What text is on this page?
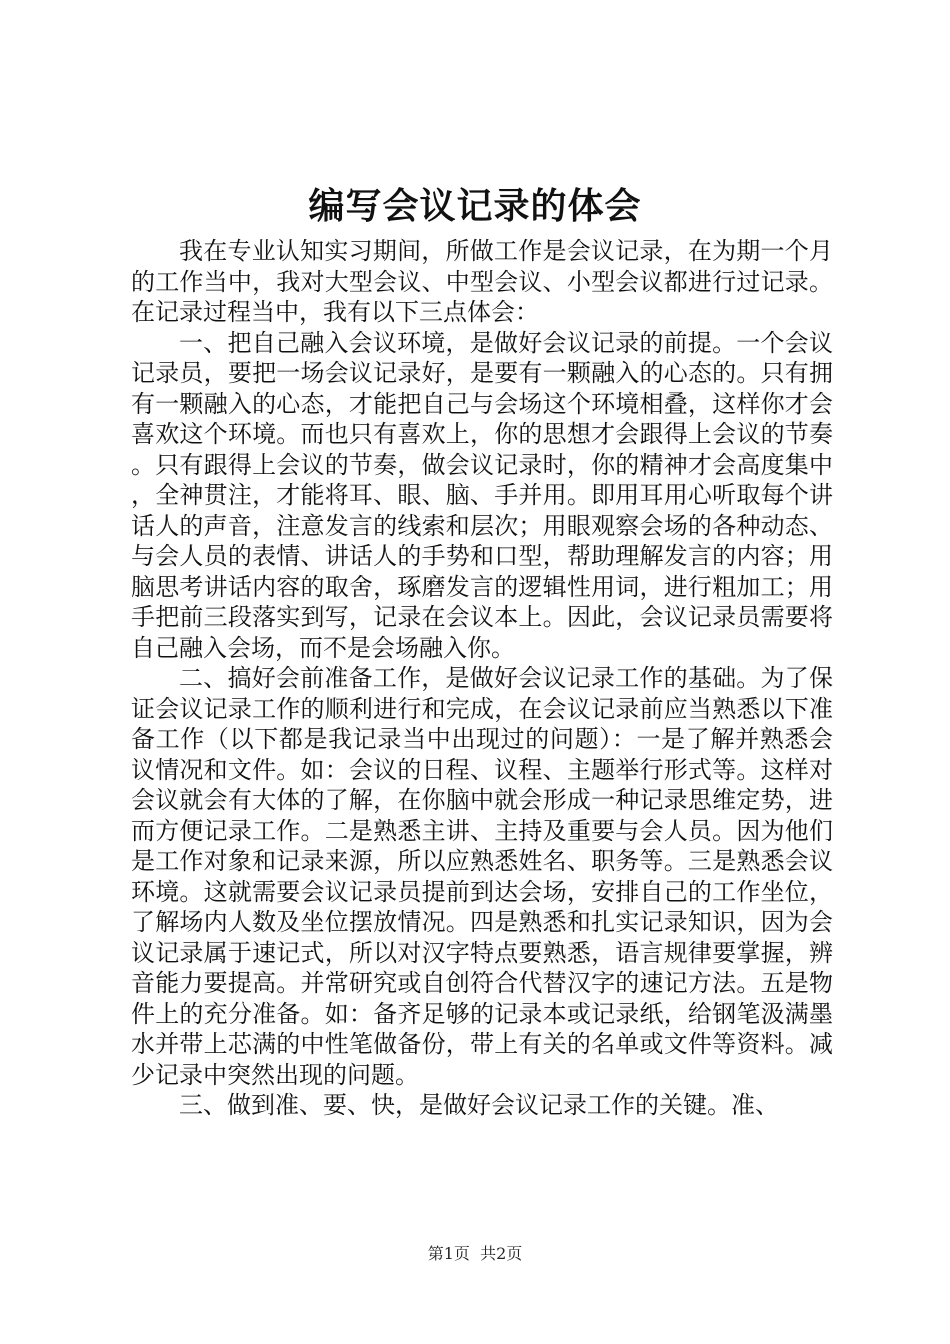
编写会议记录的体会

我在专业认知实习期间，所做工作是会议记录，在为期一个月的工作当中，我对大型会议、中型会议、小型会议都进行过记录。在记录过程当中，我有以下三点体会：

一、把自己融入会议环境，是做好会议记录的前提。一个会议记录员，要把一场会议记录好，是要有一颗融入的心态的。只有拥有一颗融入的心态，才能把自己与会场这个环境相叠，这样你才会喜欢这个环境。而也只有喜欢上，你的思想才会跟得上会议的节奏。只有跟得上会议的节奏，做会议记录时，你的精神才会高度集中，全神贯注，才能将耳、眼、脑、手并用。即用耳用心听取每个讲话人的声音，注意发言的线索和层次；用眼观察会场的各种动态、与会人员的表情、讲话人的手势和口型，帮助理解发言的内容；用脑思考讲话内容的取舍，琢磨发言的逻辑性用词，进行粗加工；用手把前三段落实到写，记录在会议本上。因此，会议记录员需要将自己融入会场，而不是会场融入你。

二、搞好会前准备工作，是做好会议记录工作的基础。为了保证会议记录工作的顺利进行和完成，在会议记录前应当熟悉以下准备工作（以下都是我记录当中出现过的问题）：一是了解并熟悉会议情况和文件。如：会议的日程、议程、主题举行形式等。这样对会议就会有大体的了解，在你脑中就会形成一种记录思维定势，进而方便记录工作。二是熟悉主讲、主持及重要与会人员。因为他们是工作对象和记录来源，所以应熟悉姓名、职务等。三是熟悉会议环境。这就需要会议记录员提前到达会场，安排自己的工作坐位，了解场内人数及坐位摆放情况。四是熟悉和扎实记录知识，因为会议记录属于速记式，所以对汉字特点要熟悉，语言规律要掌握，辨音能力要提高。并常研究或自创符合代替汉字的速记方法。五是物件上的充分准备。如：备齐足够的记录本或记录纸，给钢笔汲满墨水并带上芯满的中性笔做备份，带上有关的名单或文件等资料。减少记录中突然出现的问题。

三、做到准、要、快，是做好会议记录工作的关键。准、

第1页  共2页
